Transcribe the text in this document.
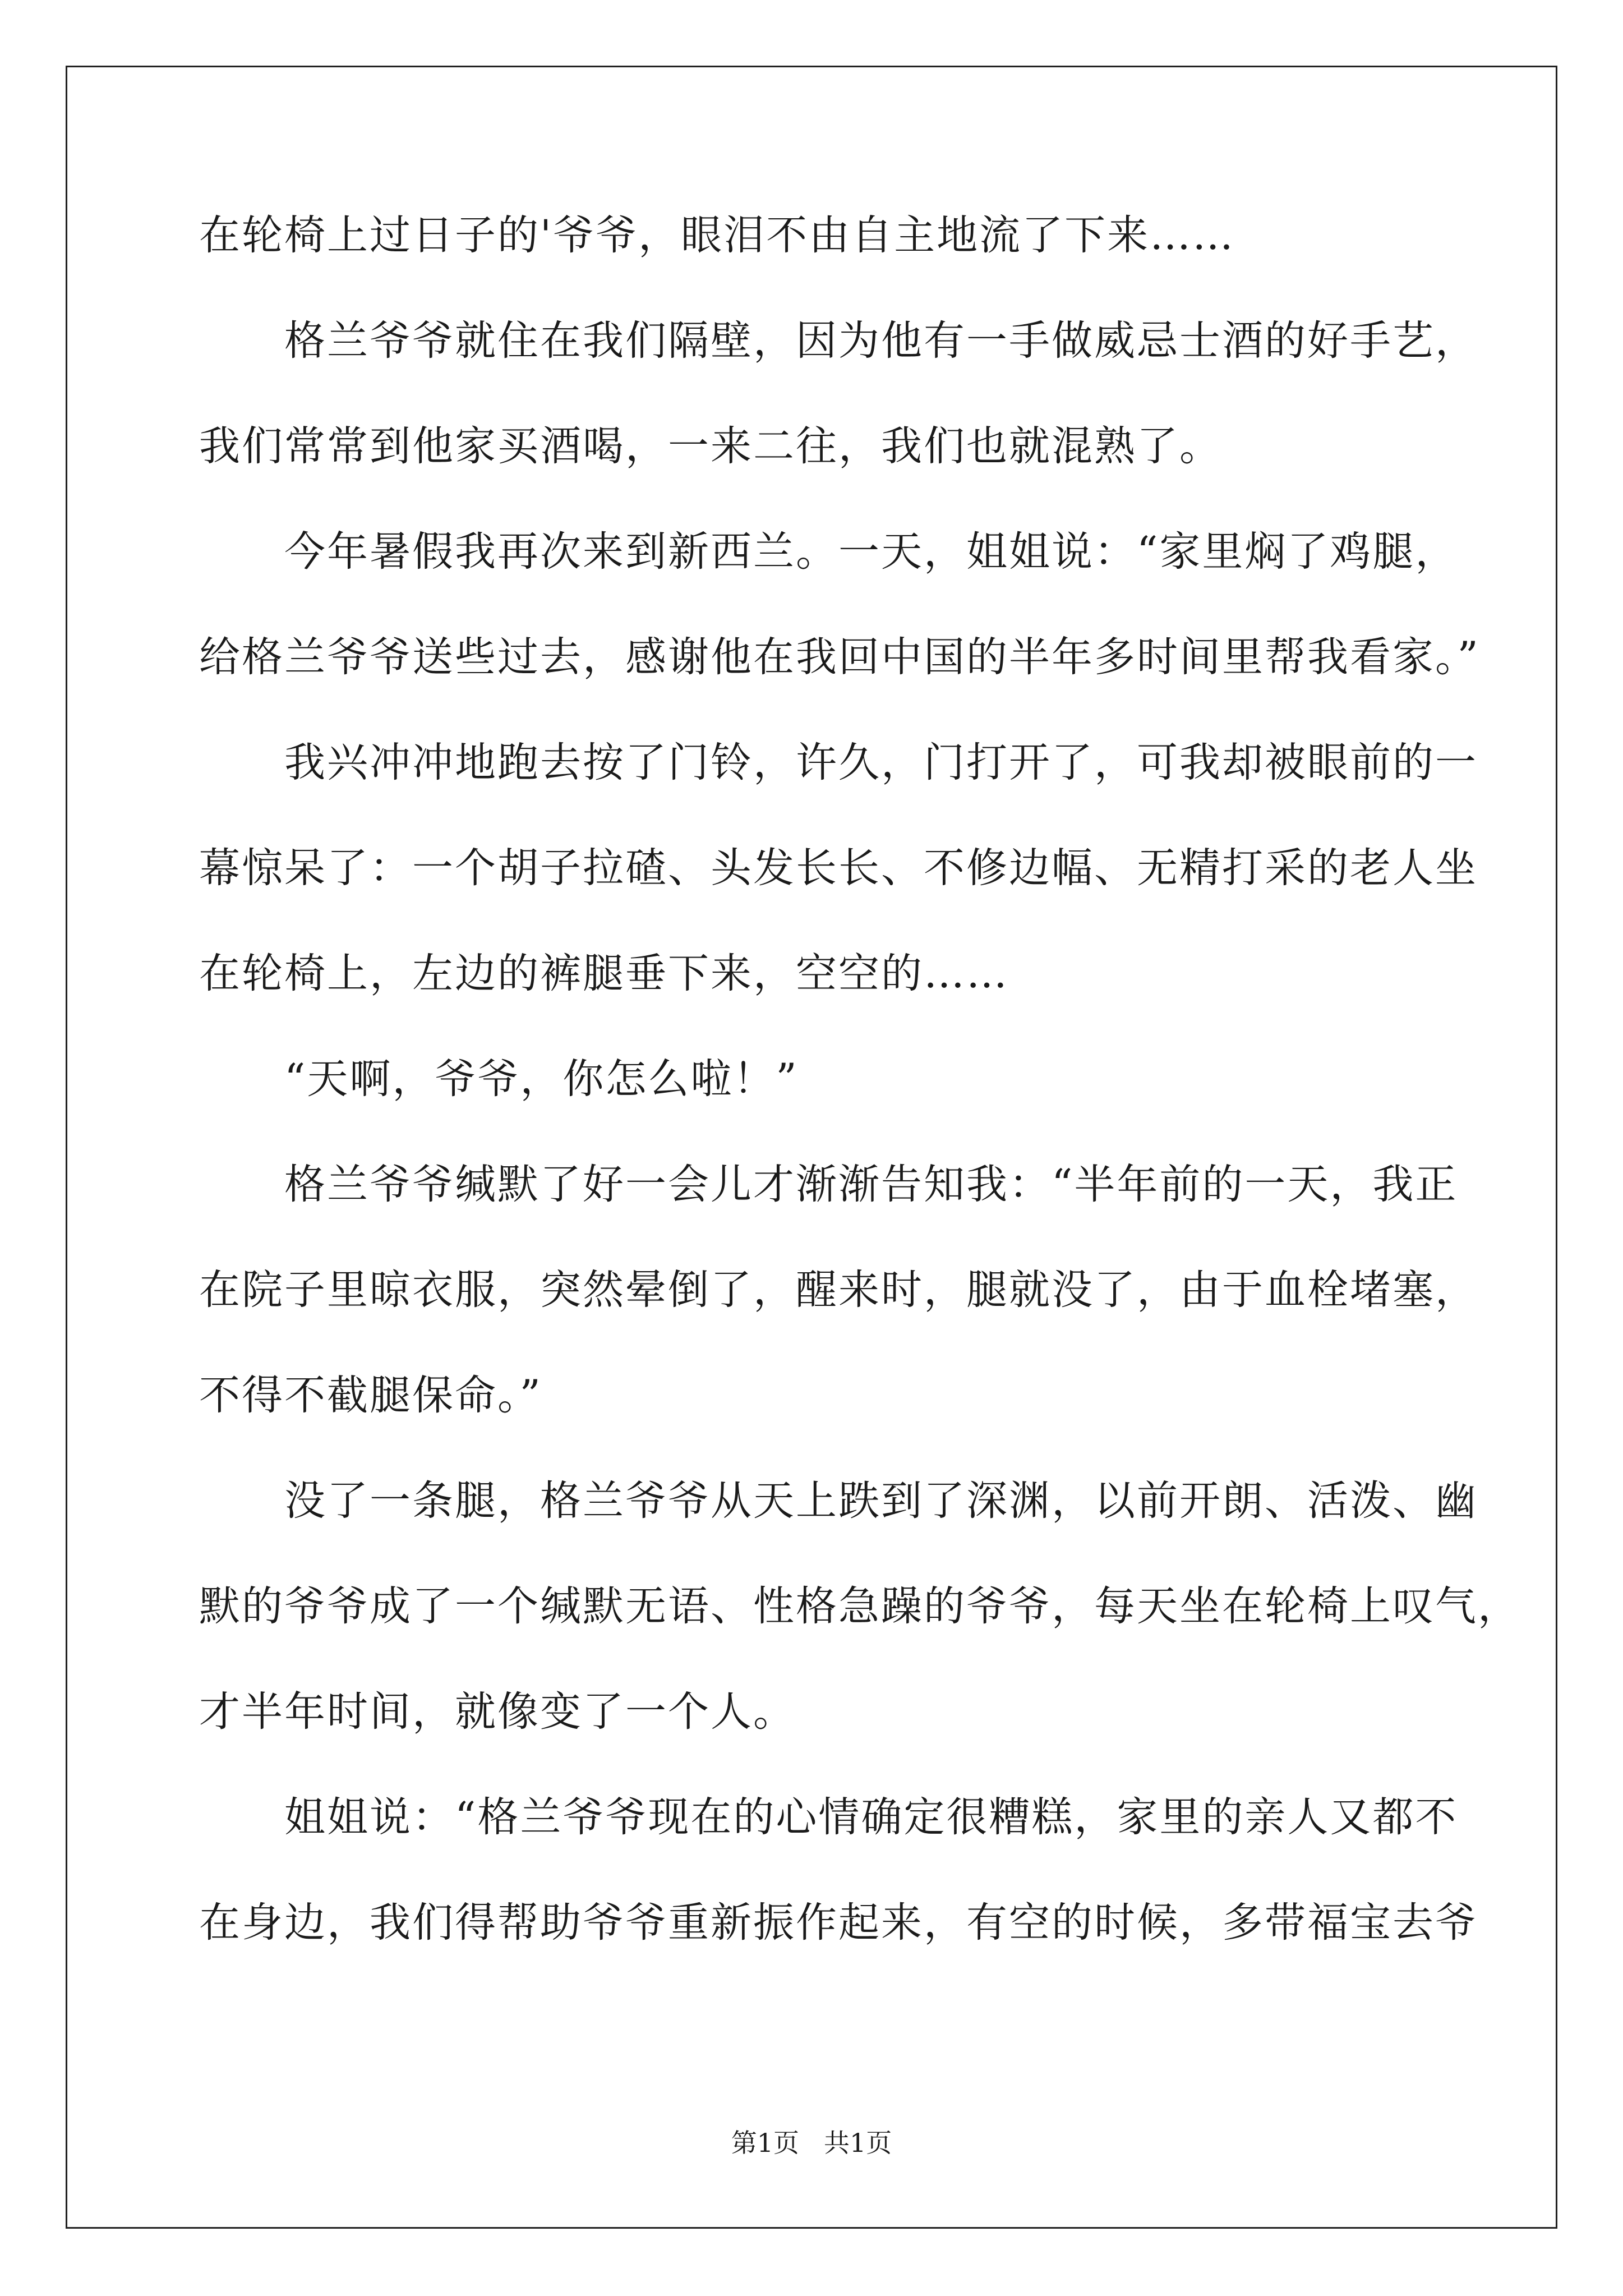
在轮椅上过日子的'爷爷，眼泪不由自主地流了下来……
　　格兰爷爷就住在我们隔壁，因为他有一手做威忌士酒的好手艺，
我们常常到他家买酒喝，一来二往，我们也就混熟了。
　　今年暑假我再次来到新西兰。一天，姐姐说：“家里焖了鸡腿，
给格兰爷爷送些过去，感谢他在我回中国的半年多时间里帮我看家。”
　　我兴冲冲地跑去按了门铃，许久，门打开了，可我却被眼前的一
幕惊呆了：一个胡子拉碴、头发长长、不修边幅、无精打采的老人坐
在轮椅上，左边的裤腿垂下来，空空的……
　　“天啊，爷爷，你怎么啦！”
　　格兰爷爷缄默了好一会儿才渐渐告知我：“半年前的一天，我正
在院子里晾衣服，突然晕倒了，醒来时，腿就没了，由于血栓堵塞，
不得不截腿保命。”
　　没了一条腿，格兰爷爷从天上跌到了深渊，以前开朗、活泼、幽
默的爷爷成了一个缄默无语、性格急躁的爷爷，每天坐在轮椅上叹气，
才半年时间，就像变了一个人。
　　姐姐说：“格兰爷爷现在的心情确定很糟糕，家里的亲人又都不
在身边，我们得帮助爷爷重新振作起来，有空的时候，多带福宝去爷
第1页 共1页
